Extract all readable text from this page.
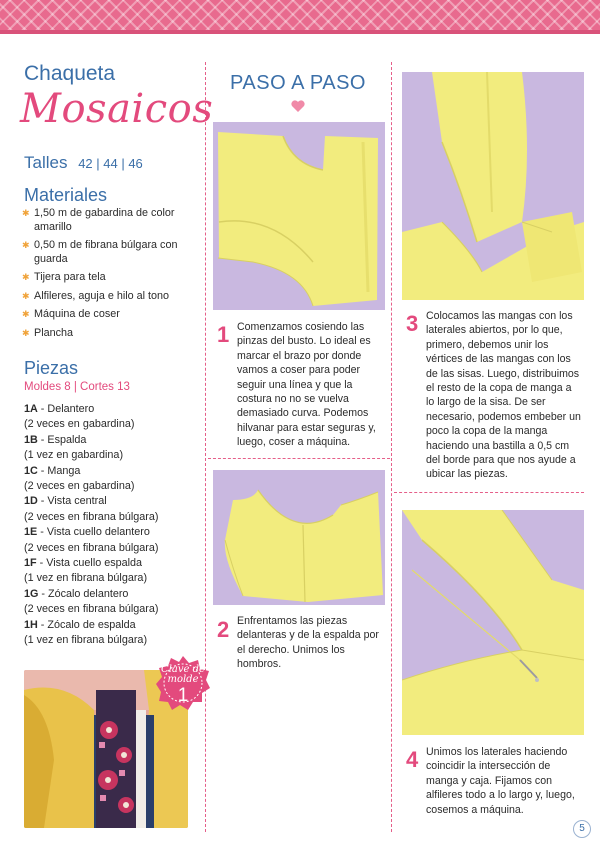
Chaqueta
Mosaicos
Talles 42 | 44 | 46
Materiales
✱ 1,50 m de gabardina de color amarillo
✱ 0,50 m de fibrana búlgara con guarda
✱ Tijera para tela
✱ Alfileres, aguja e hilo al tono
✱ Máquina de coser
✱ Plancha
Piezas
Moldes 8 | Cortes 13
1A - Delantero
(2 veces en gabardina)
1B - Espalda
(1 vez en gabardina)
1C - Manga
(2 veces en gabardina)
1D - Vista central
(2 veces en fibrana búlgara)
1E - Vista cuello delantero
(2 veces en fibrana búlgara)
1F - Vista cuello espalda
(1 vez en fibrana búlgara)
1G - Zócalo delantero
(2 veces en fibrana búlgara)
1H - Zócalo de espalda
(1 vez en fibrana búlgara)
Clave de
molde
1
PASO A PASO
1 Comenzamos cosiendo las pinzas del busto. Lo ideal es marcar el brazo por donde vamos a coser para poder seguir una línea y que la costura no no se vuelva demasiado curva. Podemos hilvanar para estar seguras y, luego, coser a máquina.
2 Enfrentamos las piezas delanteras y de la espalda por el derecho. Unimos los hombros.
3 Colocamos las mangas con los laterales abiertos, por lo que, primero, debemos unir los vértices de las mangas con los de las sisas. Luego, distribuimos el resto de la copa de manga a lo largo de la sisa. De ser necesario, podemos embeber un poco la copa de la manga haciendo una bastilla a 0,5 cm del borde para que nos ayude a ubicar las piezas.
4 Unimos los laterales haciendo coincidir la intersección de manga y caja. Fijamos con alfileres todo a lo largo y, luego, cosemos a máquina.
5
